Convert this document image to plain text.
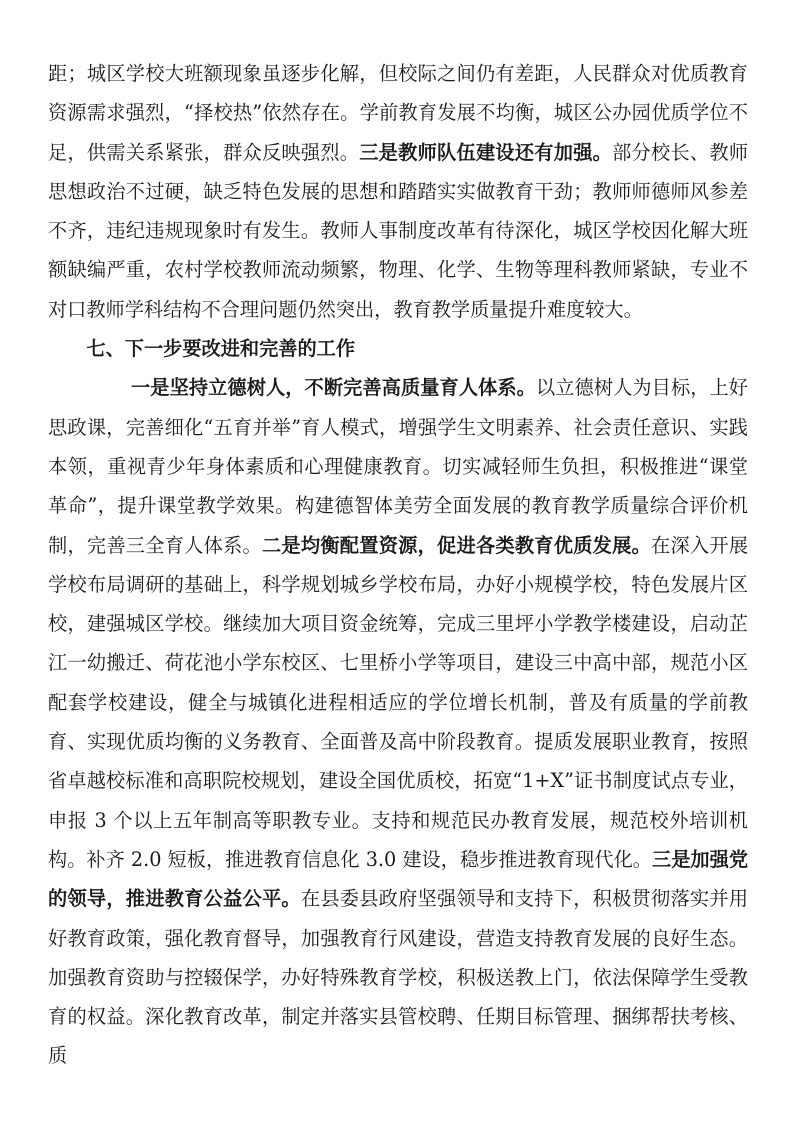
距；城区学校大班额现象虽逐步化解，但校际之间仍有差距，人民群众对优质教育资源需求强烈，“择校热”依然存在。学前教育发展不均衡，城区公办园优质学位不足，供需关系紧张，群众反映强烈。三是教师队伍建设还有加强。部分校长、教师思想政治不过硬，缺乏特色发展的思想和踏踏实实做教育干劲；教师师德师风参差不齐，违纪违规现象时有发生。教师人事制度改革有待深化，城区学校因化解大班额缺编严重，农村学校教师流动频繁，物理、化学、生物等理科教师紧缺，专业不对口教师学科结构不合理问题仍然突出，教育教学质量提升难度较大。

七、下一步要改进和完善的工作

一是坚持立德树人，不断完善高质量育人体系。以立德树人为目标，上好思政课，完善细化“五育并举”育人模式，增强学生文明素养、社会责任意识、实践本领，重视青少年身体素质和心理健康教育。切实减轻师生负担，积极推进“课堂革命”，提升课堂教学效果。构建德智体美劳全面发展的教育教学质量综合评价机制，完善三全育人体系。二是均衡配置资源，促进各类教育优质发展。在深入开展学校布局调研的基础上，科学规划城乡学校布局，办好小规模学校，特色发展片区校，建强城区学校。继续加大项目资金统筹，完成三里坪小学教学楼建设，启动芷江一幼搬迁、荷花池小学东校区、七里桥小学等项目，建设三中高中部，规范小区配套学校建设，健全与城镇化进程相适应的学位增长机制，普及有质量的学前教育、实现优质均衡的义务教育、全面普及高中阶段教育。提质发展职业教育，按照省卓越校标准和高职院校规划，建设全国优质校，拓宽“1+X”证书制度试点专业，申报 3 个以上五年制高等职教专业。支持和规范民办教育发展，规范校外培训机构。补齐 2.0 短板，推进教育信息化 3.0 建设，稳步推进教育现代化。三是加强党的领导，推进教育公益公平。在县委县政府坚强领导和支持下，积极贯彻落实并用好教育政策，强化教育督导，加强教育行风建设，营造支持教育发展的良好生态。加强教育资助与控辍保学，办好特殊教育学校，积极送教上门，依法保障学生受教育的权益。深化教育改革，制定并落实县管校聘、任期目标管理、捆绑帮扶考核、质
